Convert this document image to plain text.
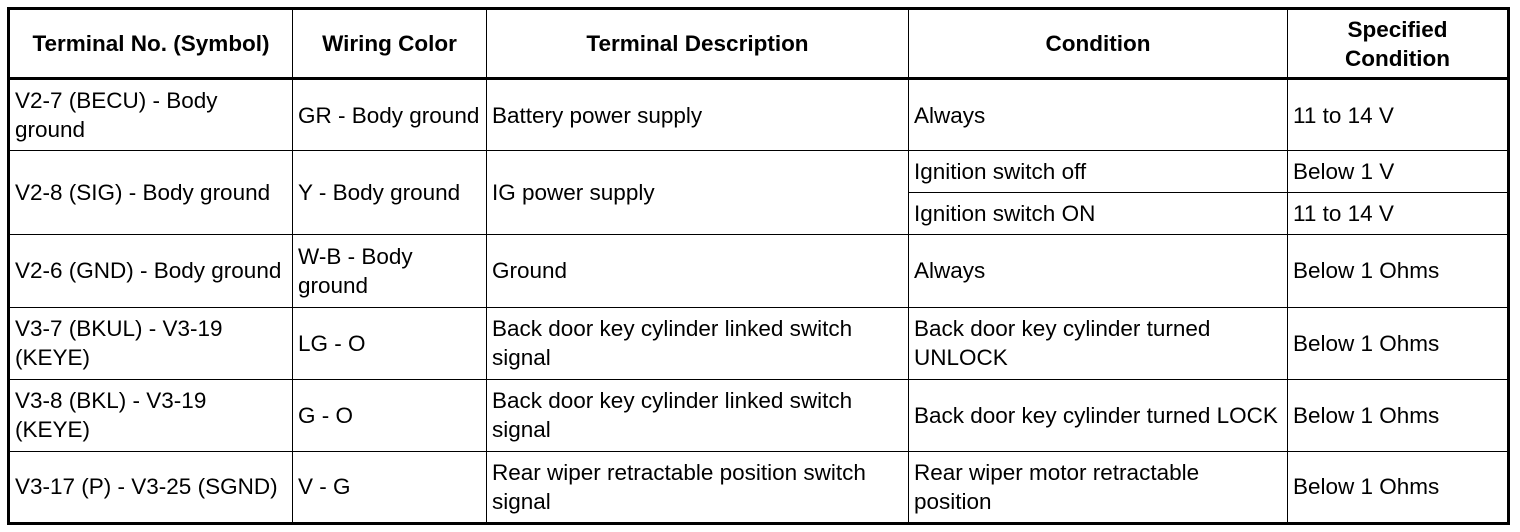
Terminal No. (Symbol)	Wiring Color	Terminal Description	Condition	Specified Condition
V2-7 (BECU) - Body ground	GR - Body ground	Battery power supply	Always	11 to 14 V
V2-8 (SIG) - Body ground	Y - Body ground	IG power supply	Ignition switch off	Below 1 V
			Ignition switch ON	11 to 14 V
V2-6 (GND) - Body ground	W-B - Body ground	Ground	Always	Below 1 Ohms
V3-7 (BKUL) - V3-19 (KEYE)	LG - O	Back door key cylinder linked switch signal	Back door key cylinder turned UNLOCK	Below 1 Ohms
V3-8 (BKL) - V3-19 (KEYE)	G - O	Back door key cylinder linked switch signal	Back door key cylinder turned LOCK	Below 1 Ohms
V3-17 (P) - V3-25 (SGND)	V - G	Rear wiper retractable position switch signal	Rear wiper motor retractable position	Below 1 Ohms
